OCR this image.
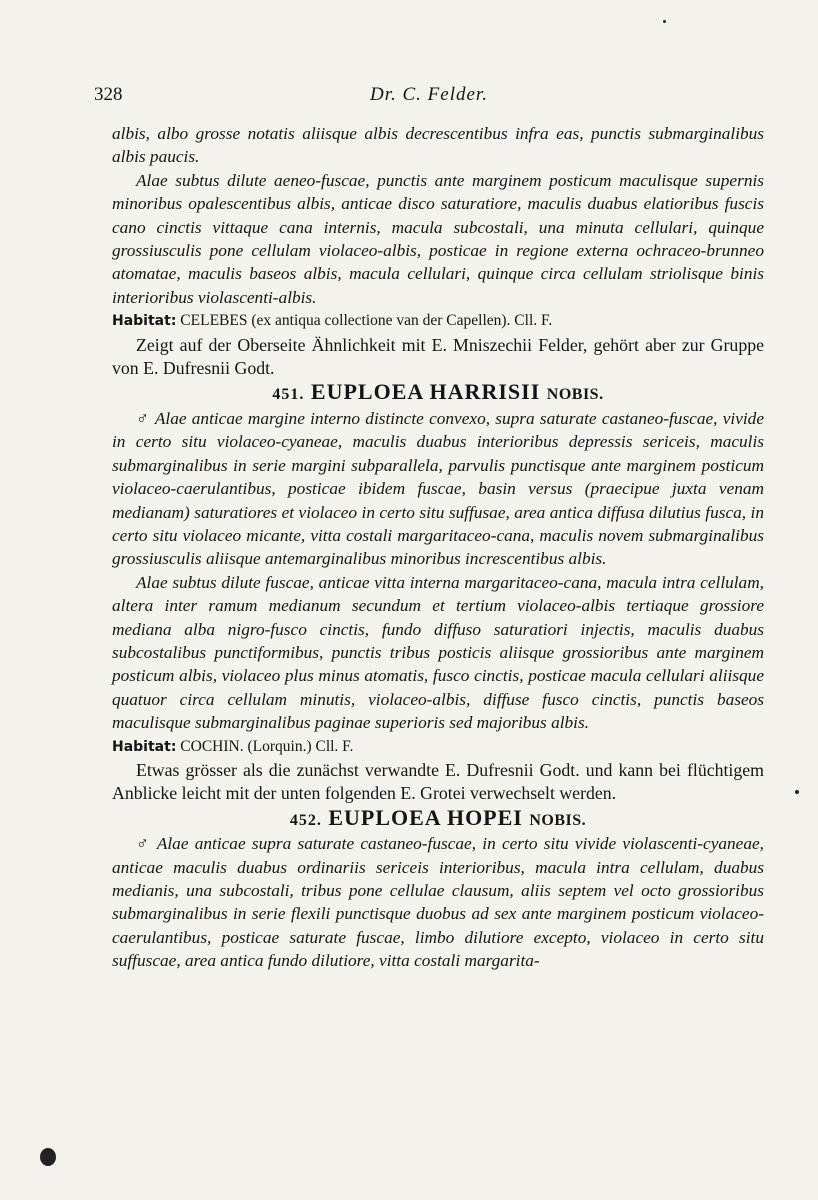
328	Dr. C. Felder.

albis, albo grosse notatis aliisque albis decrescentibus infra eas, punctis submarginalibus albis paucis.

Alae subtus dilute aeneo-fuscae, punctis ante marginem posticum maculisque supernis minoribus opalescentibus albis, anticae disco saturatiore, maculis duabus elatioribus fuscis cano cinctis vittaque cana internis, macula subcostali, una minuta cellulari, quinque grossiusculis pone cellulam violaceo-albis, posticae in regione externa ochraceo-brunneo atomatae, maculis baseos albis, macula cellulari, quinque circa cellulam striolisque binis interioribus violascenti-albis.

Habitat: CELEBES (ex antiqua collectione van der Capellen). Cll. F.

Zeigt auf der Oberseite Ähnlichkeit mit E. Mniszechii Felder, gehört aber zur Gruppe von E. Dufresnii Godt.

451. EUPLOEA HARRISII NOBIS.

♂ Alae anticae margine interno distincte convexo, supra saturate castaneo-fuscae, vivide in certo situ violaceo-cyaneae, maculis duabus interioribus depressis sericeis, maculis submarginalibus in serie margini subparallela, parvulis punctisque ante marginem posticum violaceo-caerulantibus, posticae ibidem fuscae, basin versus (praecipue juxta venam medianam) saturatiores et violaceo in certo situ suffusae, area antica diffusa dilutius fusca, in certo situ violaceo micante, vitta costali margaritaceo-cana, maculis novem submarginalibus grossiusculis aliisque antemarginalibus minoribus increscentibus albis.

Alae subtus dilute fuscae, anticae vitta interna margaritaceo-cana, macula intra cellulam, altera inter ramum medianum secundum et tertium violaceo-albis tertiaque grossiore mediana alba nigro-fusco cinctis, fundo diffuso saturatiori injectis, maculis duabus subcostalibus punctiformibus, punctis tribus posticis aliisque grossioribus ante marginem posticum albis, violaceo plus minus atomatis, fusco cinctis, posticae macula cellulari aliisque quatuor circa cellulam minutis, violaceo-albis, diffuse fusco cinctis, punctis baseos maculisque submarginalibus paginae superioris sed majoribus albis.

Habitat: COCHIN. (Lorquin.) Cll. F.

Etwas grösser als die zunächst verwandte E. Dufresnii Godt. und kann bei flüchtigem Anblicke leicht mit der unten folgenden E. Grotei verwechselt werden.

452. EUPLOEA HOPEI NOBIS.

♂ Alae anticae supra saturate castaneo-fuscae, in certo situ vivide violascenti-cyaneae, anticae maculis duabus ordinariis sericeis interioribus, macula intra cellulam, duabus medianis, una subcostali, tribus pone cellulae clausum, aliis septem vel octo grossioribus submarginalibus in serie flexili punctisque duobus ad sex ante marginem posticum violaceo-caerulantibus, posticae saturate fuscae, limbo dilutiore excepto, violaceo in certo situ suffuscae, area antica fundo dilutiore, vitta costali margarita-
